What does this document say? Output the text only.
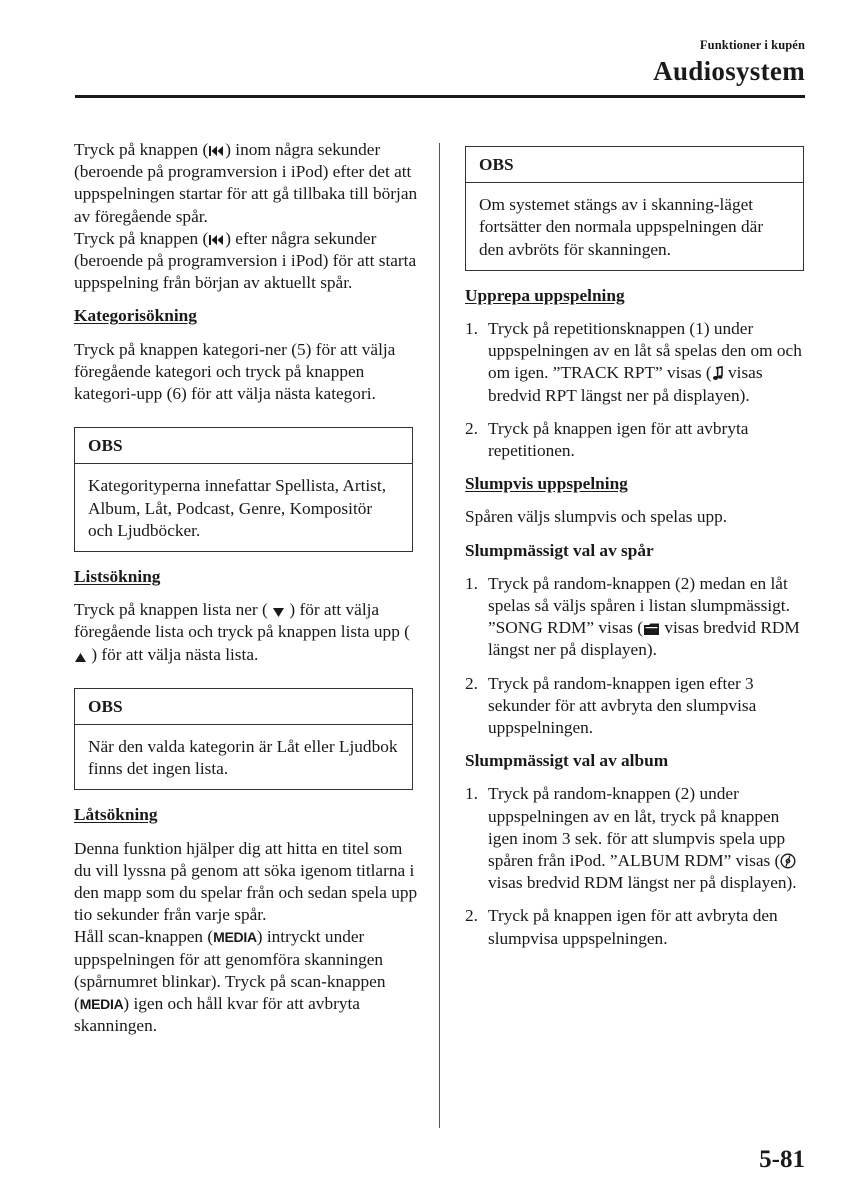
Funktioner i kupén
Audiosystem

Tryck på knappen ( ) inom några sekunder (beroende på programversion i iPod) efter det att uppspelningen startar för att gå tillbaka till början av föregående spår.

Tryck på knappen ( ) efter några sekunder (beroende på programversion i iPod) för att starta uppspelning från början av aktuellt spår.

Kategorisökning

Tryck på knappen kategori-ner (5) för att välja föregående kategori och tryck på knappen kategori-upp (6) för att välja nästa kategori.

OBS
Kategorityperna innefattar Spellista, Artist, Album, Låt, Podcast, Genre, Kompositör och Ljudböcker.

Listsökning

Tryck på knappen lista ner (  ) för att välja föregående lista och tryck på knappen lista upp (  ) för att välja nästa lista.

OBS
När den valda kategorin är Låt eller Ljudbok finns det ingen lista.

Låtsökning

Denna funktion hjälper dig att hitta en titel som du vill lyssna på genom att söka igenom titlarna i den mapp som du spelar från och sedan spela upp tio sekunder från varje spår.

Håll scan-knappen (MEDIA) intryckt under uppspelningen för att genomföra skanningen (spårnumret blinkar). Tryck på scan-knappen (MEDIA) igen och håll kvar för att avbryta skanningen.

OBS
Om systemet stängs av i skanning-läget fortsätter den normala uppspelningen där den avbröts för skanningen.

Upprepa uppspelning

1. Tryck på repetitionsknappen (1) under uppspelningen av en låt så spelas den om och om igen. ”TRACK RPT” visas ( visas bredvid RPT längst ner på displayen).
2. Tryck på knappen igen för att avbryta repetitionen.

Slumpvis uppspelning

Spåren väljs slumpvis och spelas upp.

Slumpmässigt val av spår

1. Tryck på random-knappen (2) medan en låt spelas så väljs spåren i listan slumpmässigt. ”SONG RDM” visas ( visas bredvid RDM längst ner på displayen).
2. Tryck på random-knappen igen efter 3 sekunder för att avbryta den slumpvisa uppspelningen.

Slumpmässigt val av album

1. Tryck på random-knappen (2) under uppspelningen av en låt, tryck på knappen igen inom 3 sek. för att slumpvis spela upp spåren från iPod. ”ALBUM RDM” visas ( visas bredvid RDM längst ner på displayen).
2. Tryck på knappen igen för att avbryta den slumpvisa uppspelningen.
5-81
